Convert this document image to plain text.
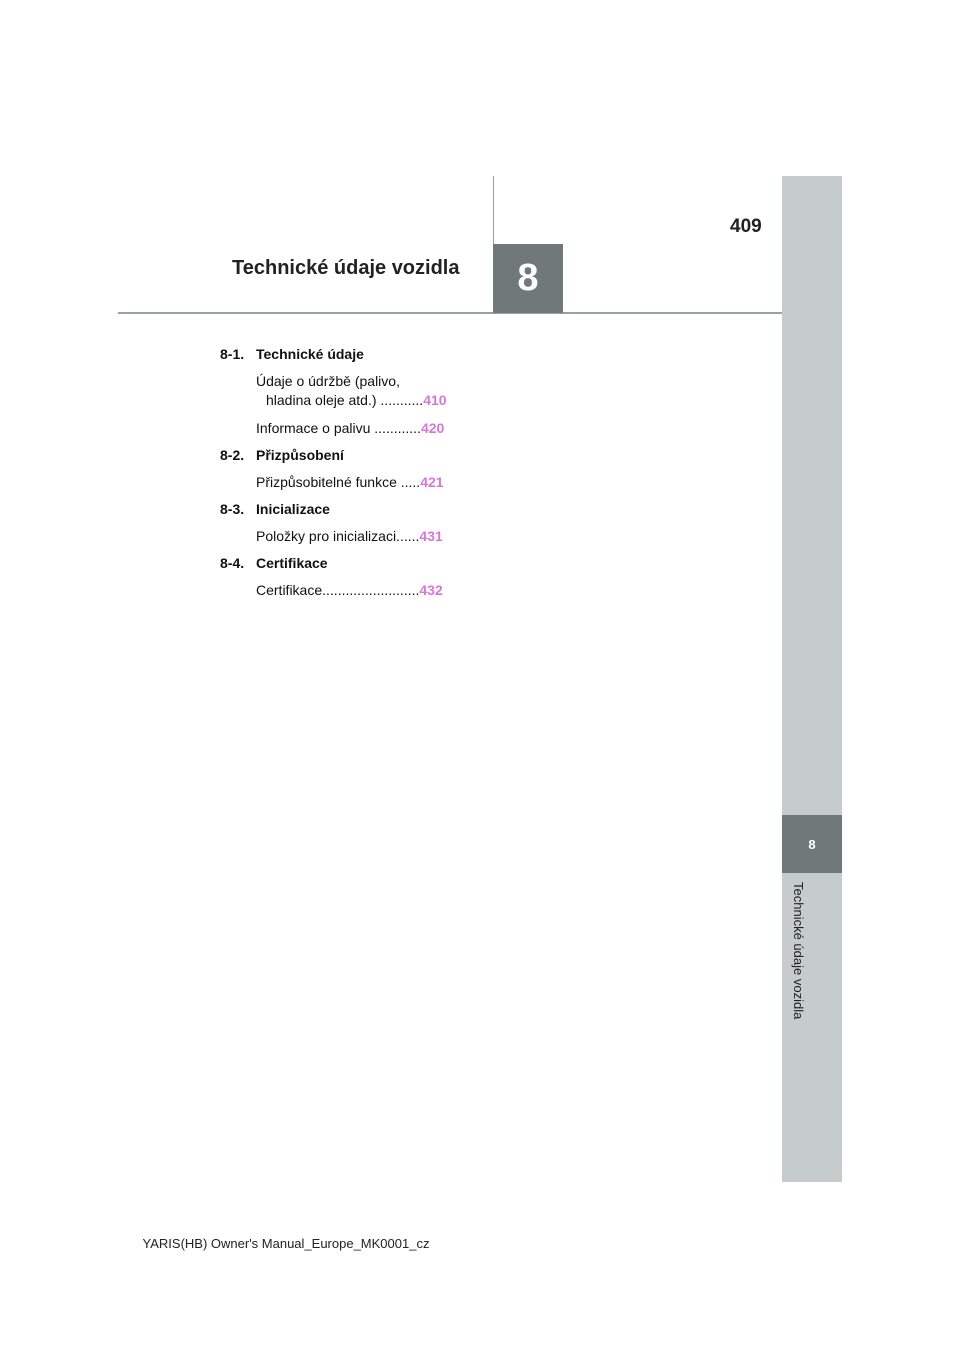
8
Technické údaje vozidla
409
Technické údaje vozidla	8
8-1. Technické údaje
Údaje o údržbě (palivo,
hladina oleje atd.) ...........410
Informace o palivu ............420
8-2. Přizpůsobení
Přizpůsobitelné funkce .....421
8-3. Inicializace
Položky pro inicializaci......431
8-4. Certifikace
Certifikace.........................432
YARIS(HB) Owner's Manual_Europe_MK0001_cz
